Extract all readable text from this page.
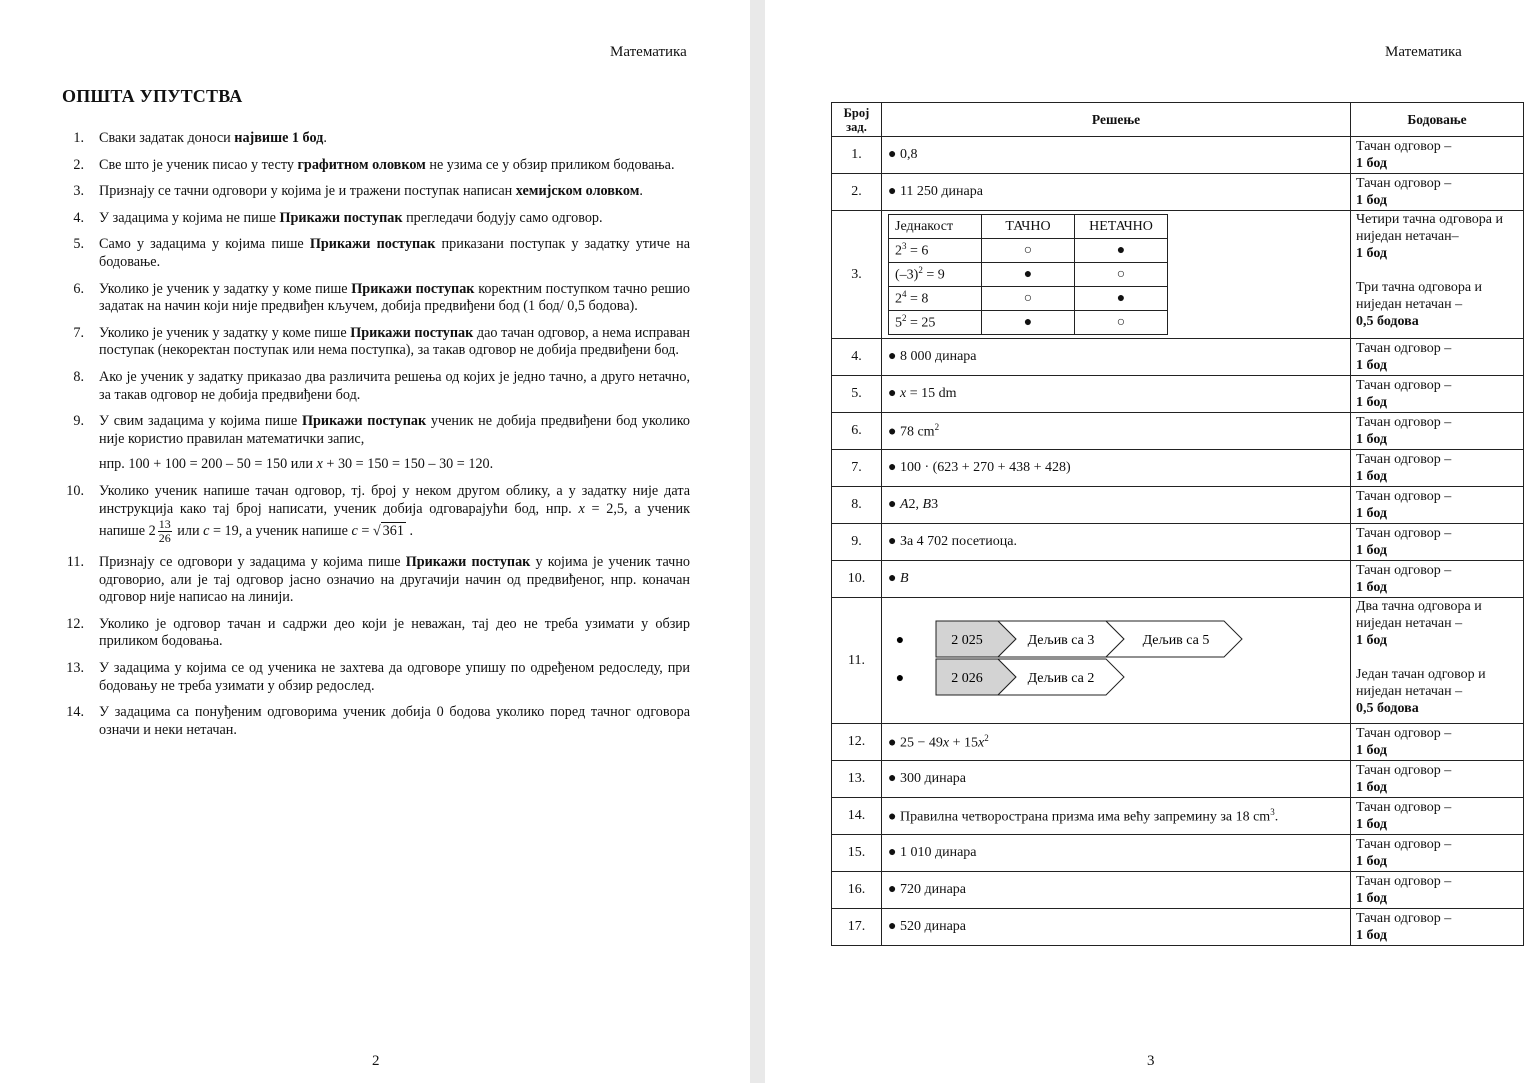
Математика
ОПШТА УПУТСТВА
1. Сваки задатак доноси највише 1 бод.
2. Све што је ученик писао у тесту графитном оловком не узима се у обзир приликом бодовања.
3. Признају се тачни одговори у којима је и тражени поступак написан хемијском оловком.
4. У задацима у којима не пише Прикажи поступак прегледачи бодују само одговор.
5. Само у задацима у којима пише Прикажи поступак приказани поступак у задатку утиче на бодовање.
6. Уколико је ученик у задатку у коме пише Прикажи поступак коректним поступком тачно решио задатак на начин који није предвиђен кључем, добија предвиђени бод (1 бод/ 0,5 бодова).
7. Уколико је ученик у задатку у коме пише Прикажи поступак дао тачан одговор, а нема исправан поступак (некоректан поступак или нема поступка), за такав одговор не добија предвиђени бод.
8. Ако је ученик у задатку приказао два различита решења од којих је једно тачно, а друго нетачно, за такав одговор не добија предвиђени бод.
9. У свим задацима у којима пише Прикажи поступак ученик не добија предвиђени бод уколико није користио правилан математички запис,
нпр. 100 + 100 = 200 – 50 = 150 или x + 30 = 150 = 150 – 30 = 120.
10. Уколико ученик напише тачан одговор, тј. број у неком другом облику, а у задатку није дата инструкција како тај број написати, ученик добија одговарајући бод, нпр. x = 2,5, а ученик напише $2 \frac{13}{26}$ или c = 19, а ученик напише c = √ 361 .
11. Признају се одговори у задацима у којима пише Прикажи поступак у којима је ученик тачно одговорио, али је тај одговор јасно означио на другачији начин од предвиђеног, нпр. коначан одговор није написао на линији.
12. Уколико је одговор тачан и садржи део који је неважан, тај део не треба узимати у обзир приликом бодовања.
13. У задацима у којима се од ученика не захтева да одговоре упишу по одређеном редоследу, при бодовању не треба узимати у обзир редослед.
14. У задацима са понуђеним одговорима ученик добија 0 бодова уколико поред тачног одговора означи и неки нетачан.
2
Математика
Број зад.	Решење	Бодовање
1.	● 0,8	Тачан одговор –
1 бод

2.	● 11 250 динара	Тачан одговор –
1 бод

3.	
Једнакост	ТАЧНО	НЕТАЧНО
$2^3 = 6$	○	●
$(-3)^2 = 9$	●	○
$2^4 = 8$	○	●
$5^2 = 25$	●	○
	Четири тачна одговора и ниједан нетачан–
1 бод
Три тачна одговора и ниједан нетачан –
0,5 бодова

4.	● 8 000 динара	Тачан одговор –
1 бод

5.	● x = 15 dm	Тачан одговор –
1 бод

6.	● 78 $cm^2$	Тачан одговор –
1 бод

7.	● 100 · (623 + 270 + 438 + 428)	Тачан одговор –
1 бод

8.	● A2, B3	Тачан одговор –
1 бод

9.	● За 4 702 посетиоца.	Тачан одговор –
1 бод

10.	● B	Тачан одговор –
1 бод

11.	
●	2 025	Дељив са 3	Дељив са 5
●	2 026	Дељив са 2
	Два тачна одговора и ниједан нетачан –
1 бод
Један тачан одговор и ниједан нетачан –
0,5 бодова

12.	● $25 - 49x + 15x^2$	Тачан одговор –
1 бод

13.	● 300 динара	Тачан одговор –
1 бод

14.	● Правилна четворострана призма има већу запремину за 18 $cm^3$.	Тачан одговор –
1 бод

15.	● 1 010 динара	Тачан одговор –
1 бод

16.	● 720 динара	Тачан одговор –
1 бод

17.	● 520 динара	Тачан одговор –
1 бод
3
